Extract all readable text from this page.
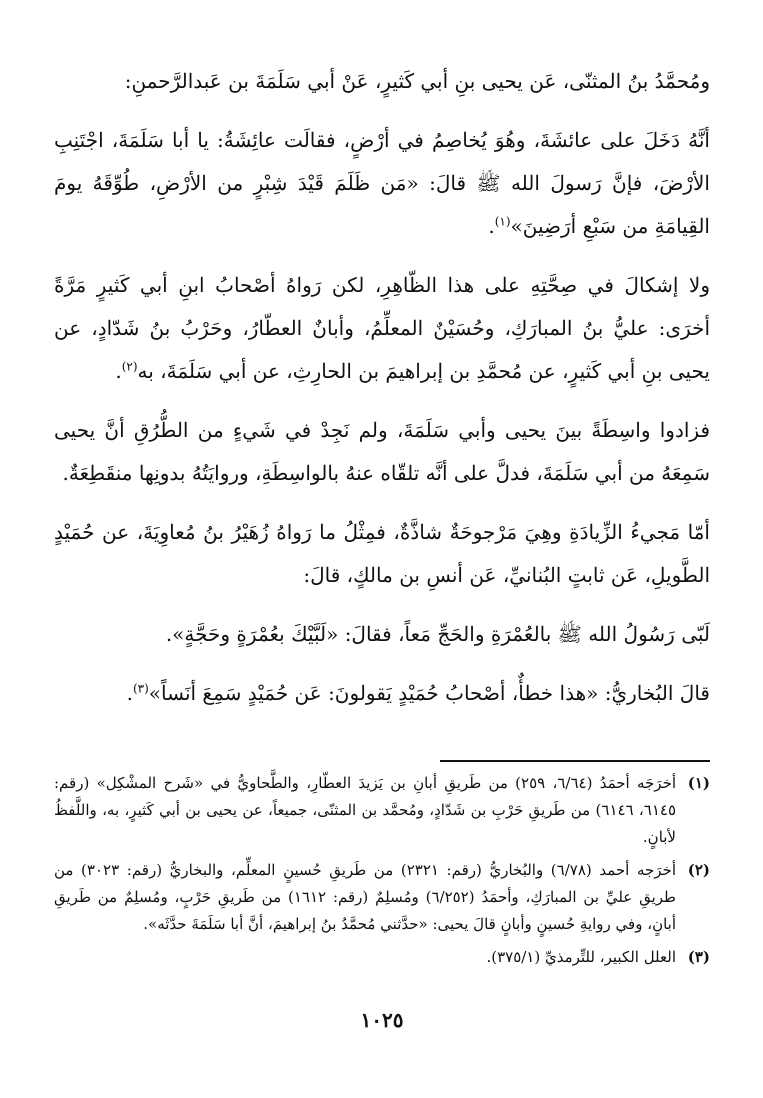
ومُحمَّدُ بنُ المثنّى، عَن يحيى بنِ أبي كَثيرٍ، عَنْ أبي سَلَمَةَ بن عَبدالرَّحمنِ:

أنَّهُ دَخَلَ على عائشَةَ، وهُوَ يُخاصِمُ في أرْضٍ، فقالَت عائِشَةُ: يا أبا سَلَمَةَ، اجْتَنِبِ الأرْضَ، فإنَّ رَسولَ الله ﷺ قالَ: «مَن ظَلَمَ قَيْدَ شِبْرٍ من الأرْضِ، طُوِّقَهُ يومَ القِيامَةِ من سَبْعِ أرَضِينَ»$^{(١)}$.

ولا إشكالَ في صِحَّتِهِ على هذا الظّاهِرِ، لكن رَواهُ أصْحابُ ابنِ أبي كَثيرٍ مَرَّةً أخرَى: عليُّ بنُ المبارَكِ، وحُسَيْنٌ المعلِّمُ، وأبانٌ العطّارُ، وحَرْبُ بنُ شَدّادٍ، عن يحيى بنِ أبي كَثيرٍ، عن مُحمَّدِ بن إبراهيمَ بن الحارِثِ، عن أبي سَلَمَةَ، به$^{(٢)}$.

فزادوا واسِطَةً بينَ يحيى وأبي سَلَمَةَ، ولم نَجِدْ في شَيءٍ من الطُّرُقِ أنَّ يحيى سَمِعَهُ من أبي سَلَمَةَ، فدلَّ على أنَّه تلقّاه عنهُ بالواسِطَةِ، وروايَتُهُ بدونِها منقَطِعَةٌ.

أمّا مَجيءُ الزِّيادَةِ وهِيَ مَرْجوحَةٌ شاذَّةٌ، فمِثْلُ ما رَواهُ زُهَيْرُ بنُ مُعاوِيَةَ، عن حُمَيْدٍ الطَّويلِ، عَن ثابتٍ البُنانيِّ، عَن أنسِ بن مالكٍ، قالَ:

لَبّى رَسُولُ الله ﷺ بالعُمْرَةِ والحَجِّ مَعاً، فقالَ: «لَبَّيْكَ بعُمْرَةٍ وحَجَّةٍ».

قالَ البُخاريُّ: «هذا خطأٌ، أصْحابُ حُمَيْدٍ يَقولونَ: عَن حُمَيْدٍ سَمِعَ أنَساً»$^{(٣)}$.

(١)
أخرَجَه أحمَدُ (٦/٦٤، ٢٥٩) من طَريقِ أبانِ بن يَزيدَ العطّارِ، والطَّحاويُّ في «شَرح المشْكِل» (رقم: ٦١٤٥، ٦١٤٦) من طَريقِ حَرْبِ بن شَدّادٍ، ومُحمَّد بن المثنّى، جميعاً، عن يحيى بن أبي كَثيرٍ، به، واللَّفظُ لأبانٍ.
(٢)
أخرَجه أحمد (٦/٧٨) والبُخاريُّ (رقم: ٢٣٢١) من طَريقِ حُسينٍ المعلِّم، والبخاريُّ (رقم: ٣٠٢٣) من طريقِ عليِّ بن المبارَكِ، وأحمَدُ (٦/٢٥٢) ومُسلِمٌ (رقم: ١٦١٢) من طَريقِ حَرْبٍ، ومُسلِمٌ من طَريقِ أبانٍ، وفي روايةِ حُسينٍ وأبانٍ قالَ يحيى: «حدَّثني مُحمَّدُ بنُ إبراهيمَ، أنَّ أبا سَلَمَةَ حدَّثَه».
(٣)
العلل الكبير، للتِّرمذيِّ (٣٧٥/١).
١٠٢٥
